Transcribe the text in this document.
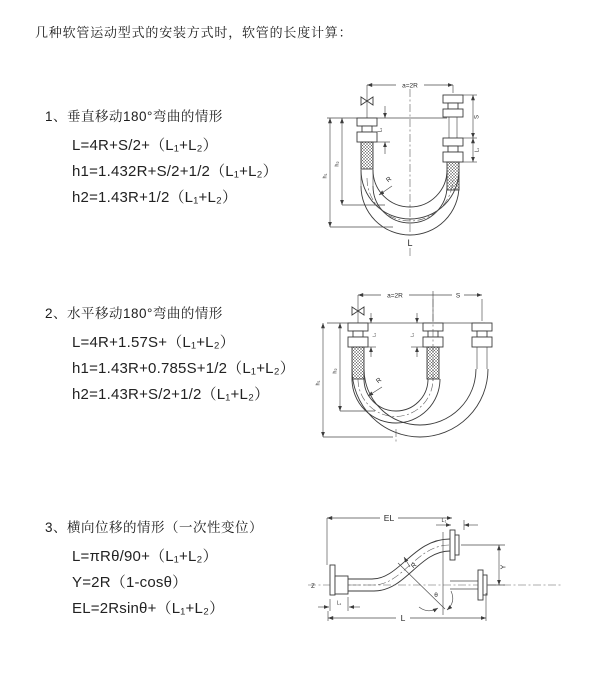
几种软管运动型式的安装方式时，软管的长度计算：
1、垂直移动180°弯曲的情形
L=4R+S/2+（L₁+L₂）
h1=1.432R+S/2+1/2（L₁+L₂）
h2=1.43R+1/2（L₁+L₂）
2、水平移动180°弯曲的情形
L=4R+1.57S+（L₁+L₂）
h1=1.43R+0.785S+1/2（L₁+L₂）
h2=1.43R+S/2+1/2（L₁+L₂）
3、横向位移的情形（一次性变位）
L=πRθ/90+（L₁+L₂）
Y=2R（1-cosθ）
EL=2Rsinθ+（L₁+L₂）
a=2R
L₁
S
L₁
h₁
h₂
R
L
a=2R	S
L₁	L₁
h₁
h₂
R
EL	L₁
Z
θ
R	Y
L₁
L
